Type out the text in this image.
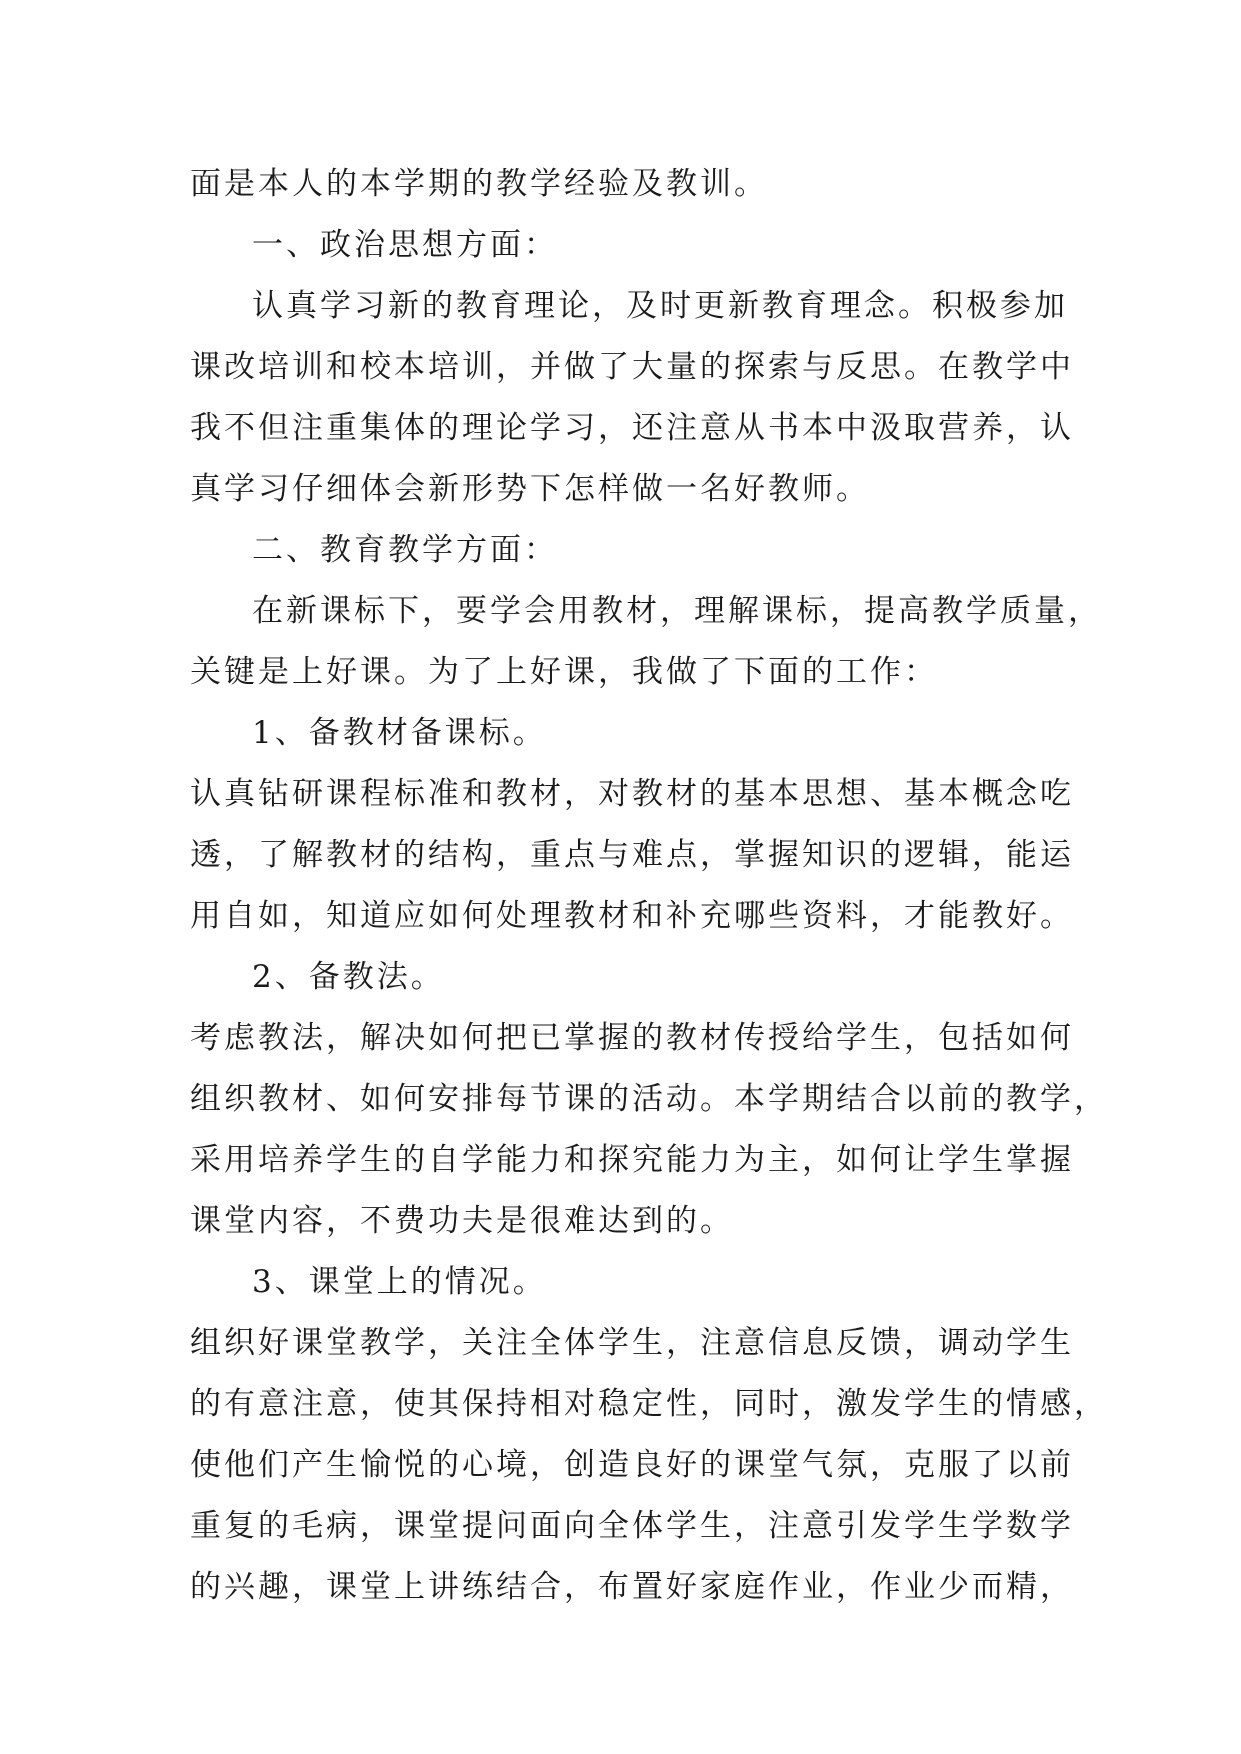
面是本人的本学期的教学经验及教训。
一、政治思想方面：
认真学习新的教育理论，及时更新教育理念。积极参加
课改培训和校本培训，并做了大量的探索与反思。在教学中
我不但注重集体的理论学习，还注意从书本中汲取营养，认
真学习仔细体会新形势下怎样做一名好教师。
二、教育教学方面：
在新课标下，要学会用教材，理解课标，提高教学质量，
关键是上好课。为了上好课，我做了下面的工作：
1、备教材备课标。
认真钻研课程标准和教材，对教材的基本思想、基本概念吃
透，了解教材的结构，重点与难点，掌握知识的逻辑，能运
用自如，知道应如何处理教材和补充哪些资料，才能教好。
2、备教法。
考虑教法，解决如何把已掌握的教材传授给学生，包括如何
组织教材、如何安排每节课的活动。本学期结合以前的教学，
采用培养学生的自学能力和探究能力为主，如何让学生掌握
课堂内容，不费功夫是很难达到的。
3、课堂上的情况。
组织好课堂教学，关注全体学生，注意信息反馈，调动学生
的有意注意，使其保持相对稳定性，同时，激发学生的情感，
使他们产生愉悦的心境，创造良好的课堂气氛，克服了以前
重复的毛病，课堂提问面向全体学生，注意引发学生学数学
的兴趣，课堂上讲练结合，布置好家庭作业，作业少而精，
